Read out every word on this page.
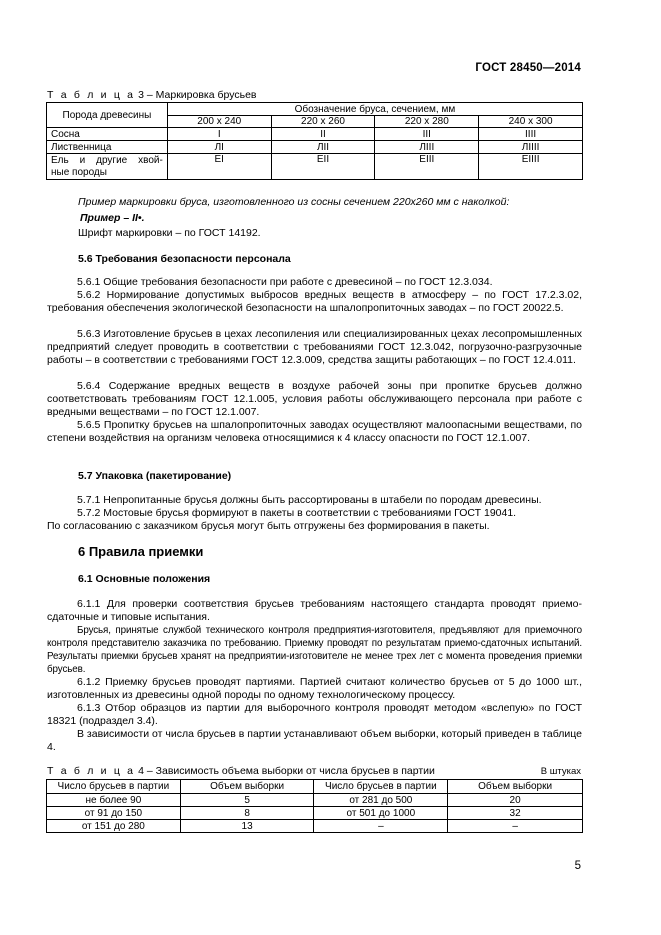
ГОСТ 28450—2014
Т а б л и ц а 3 – Маркировка брусьев
Порода древесины	Обозначение бруса, сечением, мм			
	200 х 240	220 х 260	220 х 280	240 х 300
Сосна	I	II	III	IIII
Лиственница	ЛI	ЛII	ЛIII	ЛIIII

Ель и другие хвой-
ные породы	EI	EII	EIII	EIIII
Пример маркировки бруса, изготовленного из сосны сечением 220х260 мм с наколкой:
Пример – II•.
Шрифт маркировки – по ГОСТ 14192.
5.6 Требования безопасности персонала
5.6.1 Общие требования безопасности при работе с древесиной – по ГОСТ 12.3.034.
5.6.2 Нормирование допустимых выбросов вредных веществ в атмосферу – по ГОСТ 17.2.3.02, требования обеспечения экологической безопасности на шпалопропиточных заводах – по ГОСТ 20022.5.
5.6.3 Изготовление брусьев в цехах лесопиления или специализированных цехах лесопромышленных предприятий следует проводить в соответствии с требованиями ГОСТ 12.3.042, погрузочно-разгрузочные работы – в соответствии с требованиями ГОСТ 12.3.009, средства защиты работающих – по ГОСТ 12.4.011.
5.6.4 Содержание вредных веществ в воздухе рабочей зоны при пропитке брусьев должно соответствовать требованиям ГОСТ 12.1.005, условия работы обслуживающего персонала при работе с вредными веществами – по ГОСТ 12.1.007.
5.6.5 Пропитку брусьев на шпалопропиточных заводах осуществляют малоопасными веществами, по степени воздействия на организм человека относящимися к 4 классу опасности по ГОСТ 12.1.007.
5.7 Упаковка (пакетирование)
5.7.1 Непропитанные брусья должны быть рассортированы в штабели по породам древесины.
5.7.2 Мостовые брусья формируют в пакеты в соответствии с требованиями ГОСТ 19041.
По согласованию с заказчиком брусья могут быть отгружены без формирования в пакеты.
6 Правила приемки
6.1 Основные положения
6.1.1 Для проверки соответствия брусьев требованиям настоящего стандарта проводят приемо-сдаточные и типовые испытания.
Брусья, принятые службой технического контроля предприятия-изготовителя, предъявляют для приемочного контроля представителю заказчика по требованию. Приемку проводят по результатам приемо-сдаточных испытаний. Результаты приемки брусьев хранят на предприятии-изготовителе не менее трех лет с момента проведения приемки брусьев.
6.1.2 Приемку брусьев проводят партиями. Партией считают количество брусьев от 5 до 1000 шт., изготовленных из древесины одной породы по одному технологическому процессу.
6.1.3 Отбор образцов из партии для выборочного контроля проводят методом «вслепую» по ГОСТ 18321 (подраздел 3.4).
В зависимости от числа брусьев в партии устанавливают объем выборки, который приведен в таблице 4.
Т а б л и ц а 4 – Зависимость объема выборки от числа брусьев в партии	В штуках
Число брусьев в партии	Объем выборки	Число брусьев в партии	Объем выборки
не более 90	5	от 281 до 500	20
от 91 до 150	8	от 501 до 1000	32
от 151 до 280	13	–	–
5
